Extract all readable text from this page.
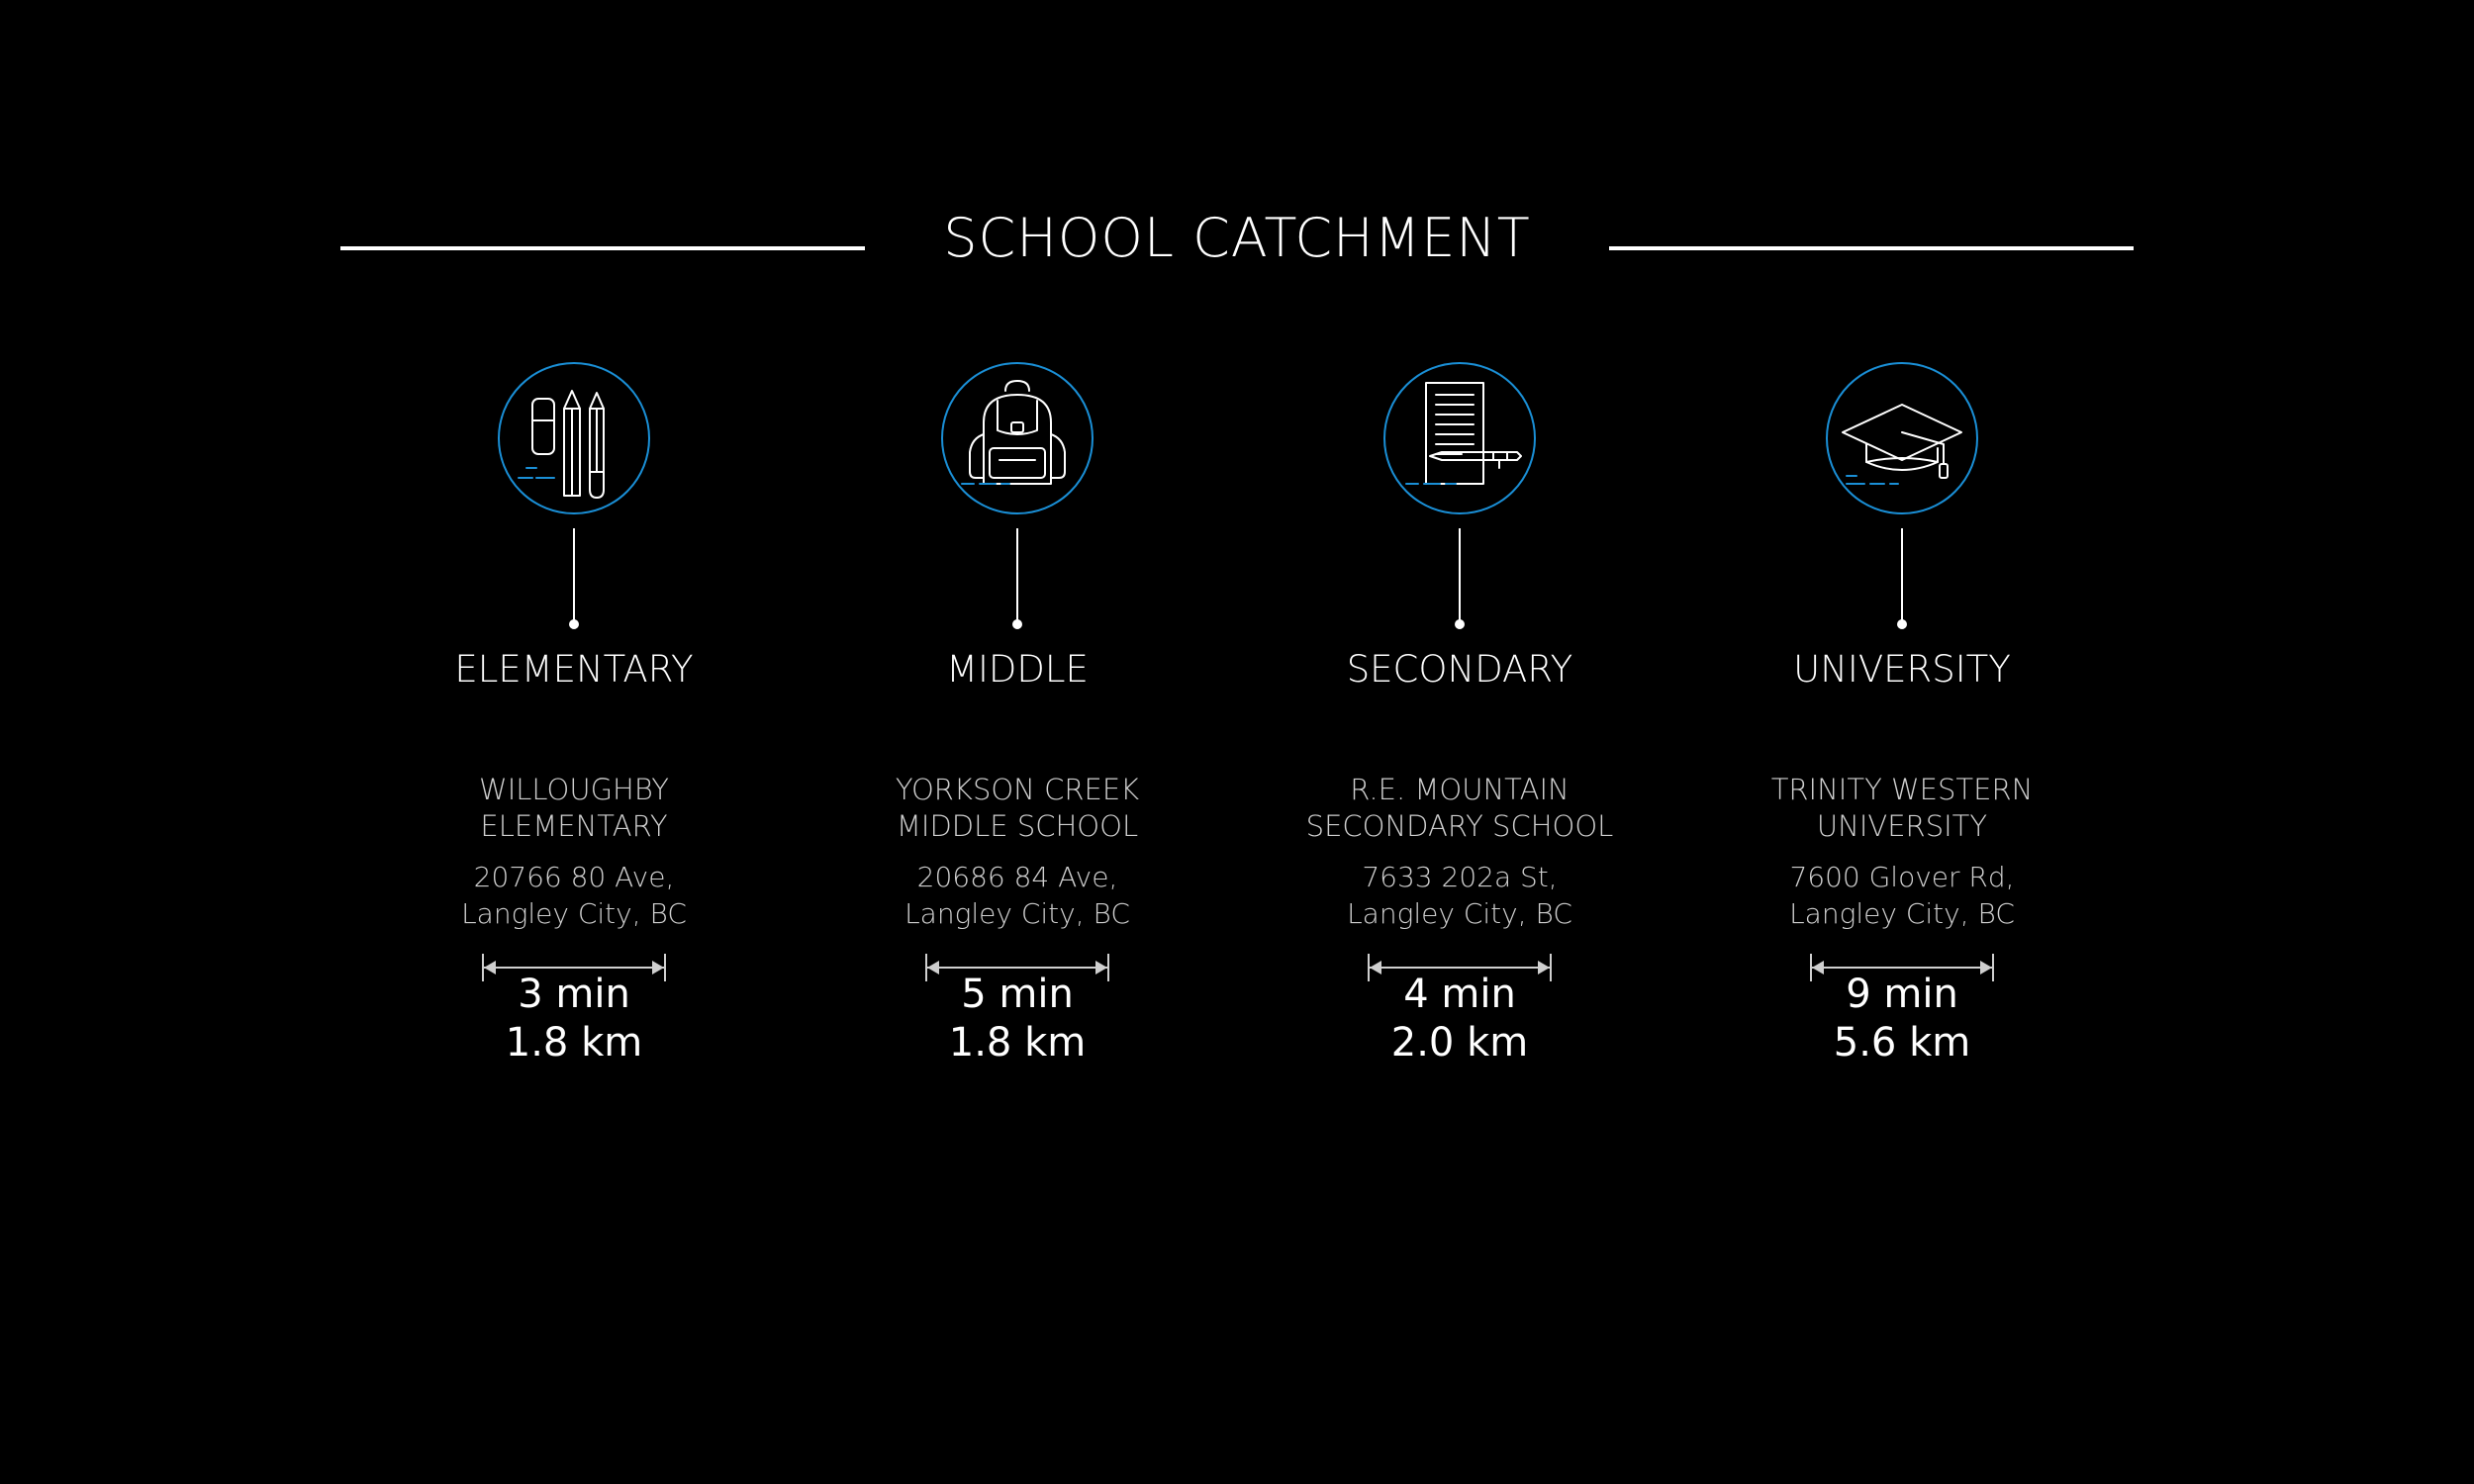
SCHOOL CATCHMENT
ELEMENTARY
WILLOUGHBY
ELEMENTARY
20766 80 Ave,
Langley City, BC
3 min
1.8 km
MIDDLE
YORKSON CREEK
MIDDLE SCHOOL
20686 84 Ave,
Langley City, BC
5 min
1.8 km
SECONDARY
R.E. MOUNTAIN
SECONDARY SCHOOL
7633 202a St,
Langley City, BC
4 min
2.0 km
UNIVERSITY
TRINITY WESTERN
UNIVERSITY
7600 Glover Rd,
Langley City, BC
9 min
5.6 km
